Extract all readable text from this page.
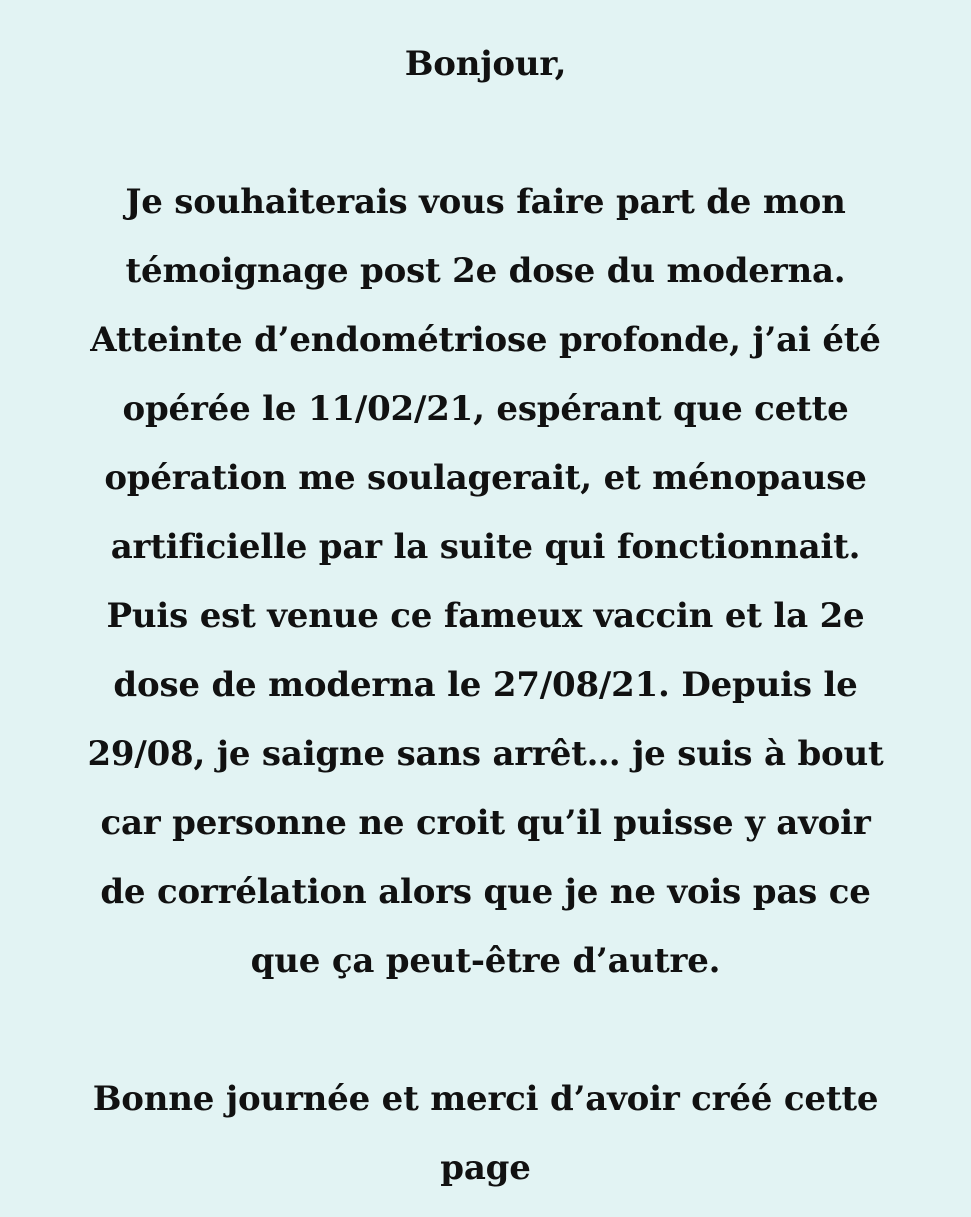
Bonjour,
Je souhaiterais vous faire part de mon
témoignage post 2e dose du moderna.
Atteinte d’endométriose profonde, j’ai été
opérée le 11/02/21, espérant que cette
opération me soulagerait, et ménopause
artificielle par la suite qui fonctionnait.
Puis est venue ce fameux vaccin et la 2e
dose de moderna le 27/08/21. Depuis le
29/08, je saigne sans arrêt… je suis à bout
car personne ne croit qu’il puisse y avoir
de corrélation alors que je ne vois pas ce
que ça peut-être d’autre.
Bonne journée et merci d’avoir créé cette
page
